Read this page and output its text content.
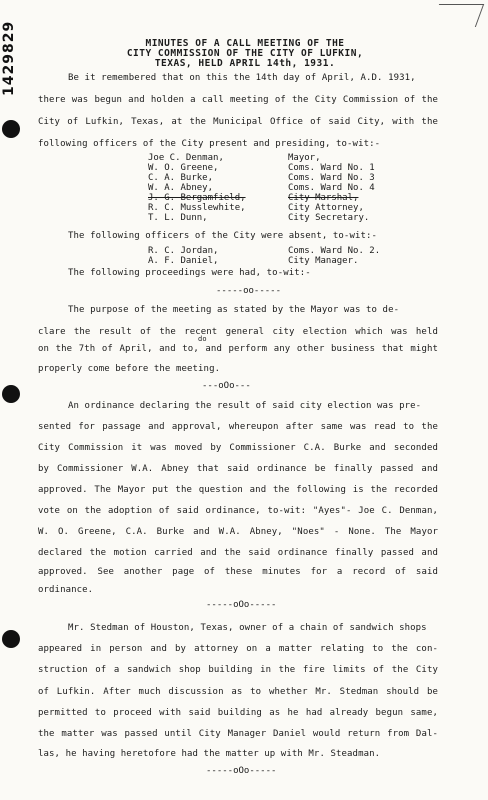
1429829	MINUTES OF A CALL MEETING OF THE
CITY COMMISSION OF THE CITY OF LUFKIN,
TEXAS, HELD APRIL 14th, 1931.
Be it remembered that on this the 14th day of April, A.D. 1931,
there was begun and holden a call meeting of the City Commission of the
City of Lufkin, Texas, at the Municipal Office of said City, with the
following officers of the City present and presiding, to-wit:-
Joe C. Denman,	Mayor,
W. O. Greene,	Coms. Ward No. 1
C. A. Burke,	Coms. Ward No. 3
W. A. Abney,	Coms. Ward No. 4
J. G. Bergamfield,	City Marshal,
R. C. Musslewhite,	City Attorney,
T. L. Dunn,	City Secretary.
The following officers of the City were absent, to-wit:-
R. C. Jordan,	Coms. Ward No. 2.
A. F. Daniel,	City Manager.
The following proceedings were had, to-wit:-
-----oo-----
The purpose of the meeting as stated by the Mayor was to de-
clare the result of the recent general city election which was held
do
on the 7th of April, and to, and perform any other business that might
properly come before the meeting.
---oOo---
An ordinance declaring the result of said city election was pre-
sented for passage and approval, whereupon after same was read to the
City Commission it was moved by Commissioner C.A. Burke and seconded
by Commissioner W.A. Abney that said ordinance be finally passed and
approved. The Mayor put the question and the following is the recorded
vote on the adoption of said ordinance, to-wit: "Ayes"- Joe C. Denman,
W. O. Greene, C.A. Burke and W.A. Abney, "Noes" - None. The Mayor
declared the motion carried and the said ordinance finally passed and
approved. See another page of these minutes for a record of said
ordinance.
-----oOo-----
Mr. Stedman of Houston, Texas, owner of a chain of sandwich shops
appeared in person and by attorney on a matter relating to the con-
struction of a sandwich shop building in the fire limits of the City
of Lufkin. After much discussion as to whether Mr. Stedman should be
permitted to proceed with said building as he had already begun same,
the matter was passed until City Manager Daniel would return from Dal-
las, he having heretofore had the matter up with Mr. Steadman.
-----oOo-----
